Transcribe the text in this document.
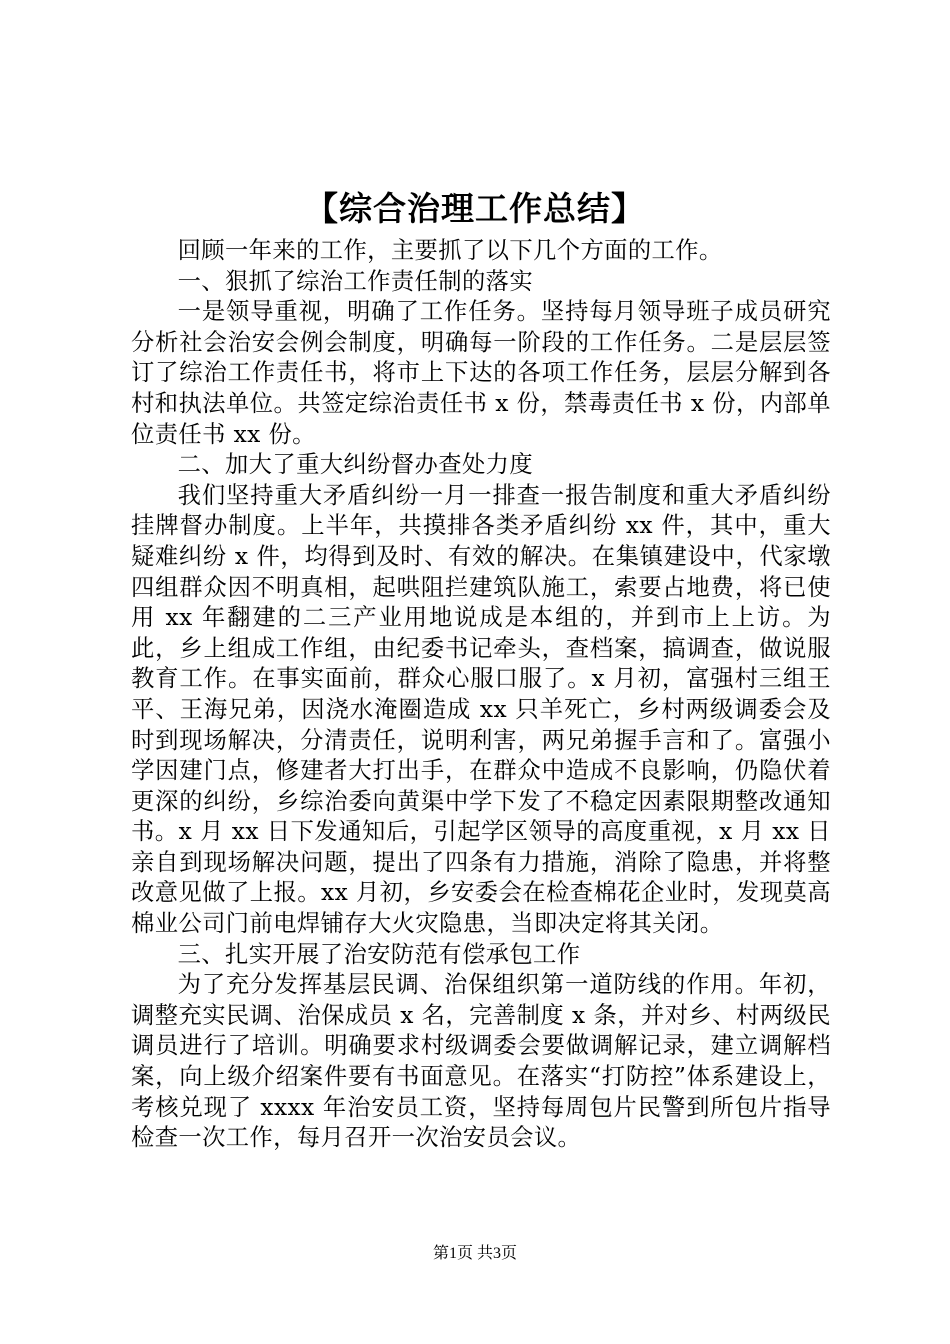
【综合治理工作总结】

回顾一年来的工作，主要抓了以下几个方面的工作。

一、狠抓了综治工作责任制的落实

一是领导重视，明确了工作任务。坚持每月领导班子成员研究分析社会治安会例会制度，明确每一阶段的工作任务。二是层层签订了综治工作责任书，将市上下达的各项工作任务，层层分解到各村和执法单位。共签定综治责任书 x 份，禁毒责任书 x 份，内部单位责任书 xx 份。

二、加大了重大纠纷督办查处力度

我们坚持重大矛盾纠纷一月一排查一报告制度和重大矛盾纠纷挂牌督办制度。上半年，共摸排各类矛盾纠纷 xx 件，其中，重大疑难纠纷 x 件，均得到及时、有效的解决。在集镇建设中，代家墩四组群众因不明真相，起哄阻拦建筑队施工，索要占地费，将已使用 xx 年翻建的二三产业用地说成是本组的，并到市上上访。为此，乡上组成工作组，由纪委书记牵头，查档案，搞调查，做说服教育工作。在事实面前，群众心服口服了。x 月初，富强村三组王平、王海兄弟，因浇水淹圈造成 xx 只羊死亡，乡村两级调委会及时到现场解决，分清责任，说明利害，两兄弟握手言和了。富强小学因建门点，修建者大打出手，在群众中造成不良影响，仍隐伏着更深的纠纷，乡综治委向黄渠中学下发了不稳定因素限期整改通知书。x 月 xx 日下发通知后，引起学区领导的高度重视，x 月 xx 日亲自到现场解决问题，提出了四条有力措施，消除了隐患，并将整改意见做了上报。xx 月初，乡安委会在检查棉花企业时，发现莫高棉业公司门前电焊铺存大火灾隐患，当即决定将其关闭。

三、扎实开展了治安防范有偿承包工作

为了充分发挥基层民调、治保组织第一道防线的作用。年初，调整充实民调、治保成员 x 名，完善制度 x 条，并对乡、村两级民调员进行了培训。明确要求村级调委会要做调解记录，建立调解档案，向上级介绍案件要有书面意见。在落实“打防控”体系建设上，考核兑现了 xxxx 年治安员工资，坚持每周包片民警到所包片指导检查一次工作，每月召开一次治安员会议。

第1页 共3页
